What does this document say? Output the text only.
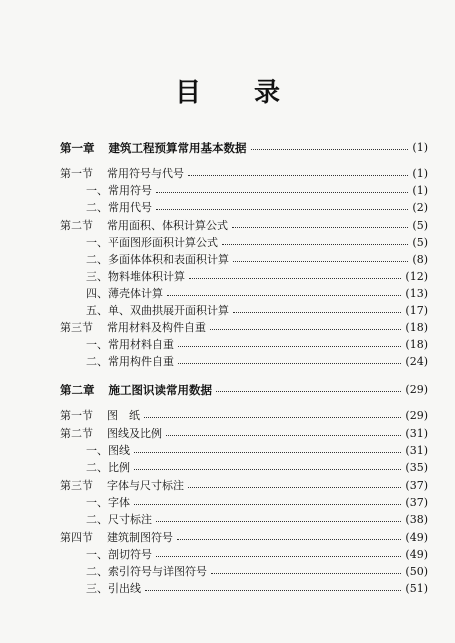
目 录
第一章 建筑工程预算常用基本数据	(1)
第一节 常用符号与代号	(1)
一、常用符号	(1)
二、常用代号	(2)
第二节 常用面积、体积计算公式	(5)
一、平面图形面积计算公式	(5)
二、多面体体积和表面积计算	(8)
三、物料堆体积计算	(12)
四、薄壳体计算	(13)
五、单、双曲拱展开面积计算	(17)
第三节 常用材料及构件自重	(18)
一、常用材料自重	(18)
二、常用构件自重	(24)
第二章 施工图识读常用数据	(29)
第一节 图　纸	(29)
第二节 图线及比例	(31)
一、图线	(31)
二、比例	(35)
第三节 字体与尺寸标注	(37)
一、字体	(37)
二、尺寸标注	(38)
第四节 建筑制图符号	(49)
一、剖切符号	(49)
二、索引符号与详图符号	(50)
三、引出线	(51)
